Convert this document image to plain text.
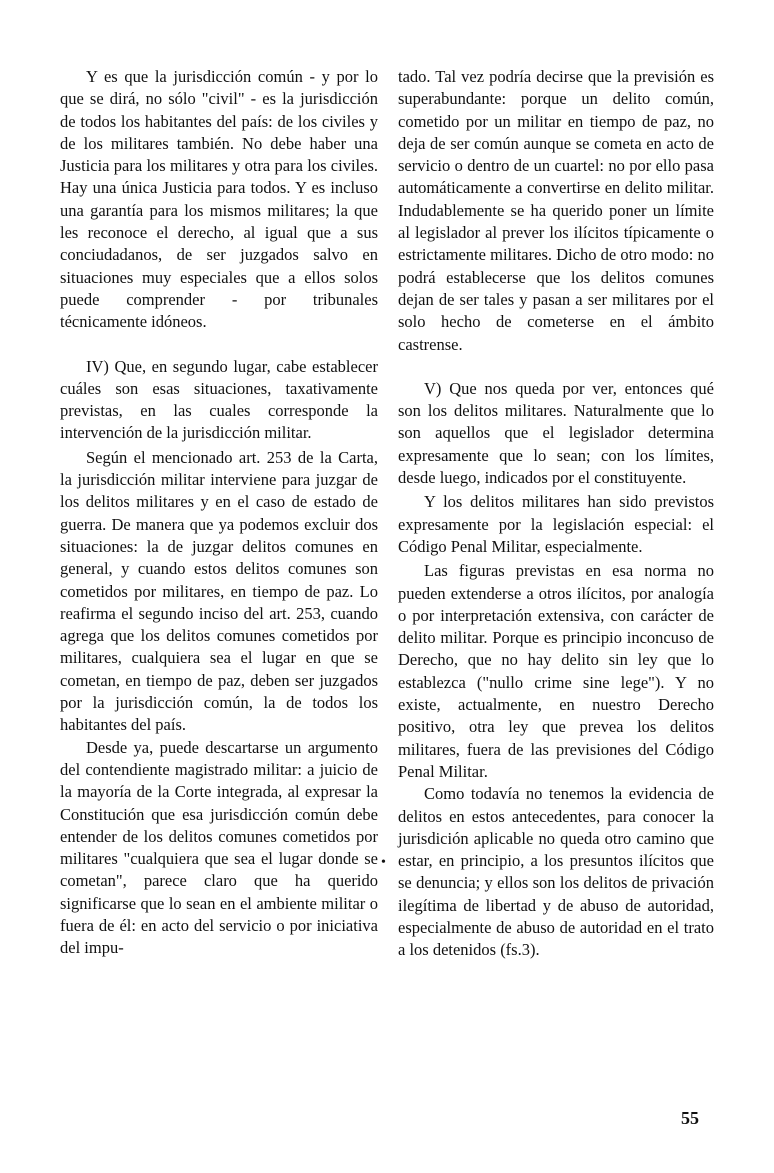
Y es que la jurisdicción común - y por lo que se dirá, no sólo "civil" - es la jurisdicción de todos los habitantes del país: de los civiles y de los militares también. No debe haber una Justicia para los militares y otra para los civiles. Hay una única Justicia para todos. Y es incluso una garantía para los mismos militares; la que les reconoce el derecho, al igual que a sus conciudadanos, de ser juzgados salvo en situaciones muy especiales que a ellos solos puede comprender - por tribunales técnicamente idóneos.

IV) Que, en segundo lugar, cabe establecer cuáles son esas situaciones, taxativamente previstas, en las cuales corresponde la intervención de la jurisdicción militar.

Según el mencionado art. 253 de la Carta, la jurisdicción militar interviene para juzgar de los delitos militares y en el caso de estado de guerra. De manera que ya podemos excluir dos situaciones: la de juzgar delitos comunes en general, y cuando estos delitos comunes son cometidos por militares, en tiempo de paz. Lo reafirma el segundo inciso del art. 253, cuando agrega que los delitos comunes cometidos por militares, cualquiera sea el lugar en que se cometan, en tiempo de paz, deben ser juzgados por la jurisdicción común, la de todos los habitantes del país.

Desde ya, puede descartarse un argumento del contendiente magistrado militar: a juicio de la mayoría de la Corte integrada, al expresar la Constitución que esa jurisdicción común debe entender de los delitos comunes cometidos por militares "cualquiera que sea el lugar donde se cometan", parece claro que ha querido significarse que lo sean en el ambiente militar o fuera de él: en acto del servicio o por iniciativa del impu-

tado. Tal vez podría decirse que la previsión es superabundante: porque un delito común, cometido por un militar en tiempo de paz, no deja de ser común aunque se cometa en acto de servicio o dentro de un cuartel: no por ello pasa automáticamente a convertirse en delito militar. Indudablemente se ha querido poner un límite al legislador al prever los ilícitos típicamente o estrictamente militares. Dicho de otro modo: no podrá establecerse que los delitos comunes dejan de ser tales y pasan a ser militares por el solo hecho de cometerse en el ámbito castrense.

V) Que nos queda por ver, entonces qué son los delitos militares. Naturalmente que lo son aquellos que el legislador determina expresamente que lo sean; con los límites, desde luego, indicados por el constituyente.

Y los delitos militares han sido previstos expresamente por la legislación especial: el Código Penal Militar, especialmente.

Las figuras previstas en esa norma no pueden extenderse a otros ilícitos, por analogía o por interpretación extensiva, con carácter de delito militar. Porque es principio inconcuso de Derecho, que no hay delito sin ley que lo establezca ("nullo crime sine lege"). Y no existe, actualmente, en nuestro Derecho positivo, otra ley que prevea los delitos militares, fuera de las previsiones del Código Penal Militar.

Como todavía no tenemos la evidencia de delitos en estos antecedentes, para conocer la jurisdición aplicable no queda otro camino que estar, en principio, a los presuntos ilícitos que se denuncia; y ellos son los delitos de privación ilegítima de libertad y de abuso de autoridad, especialmente de abuso de autoridad en el trato a los detenidos (fs.3).

•
55
